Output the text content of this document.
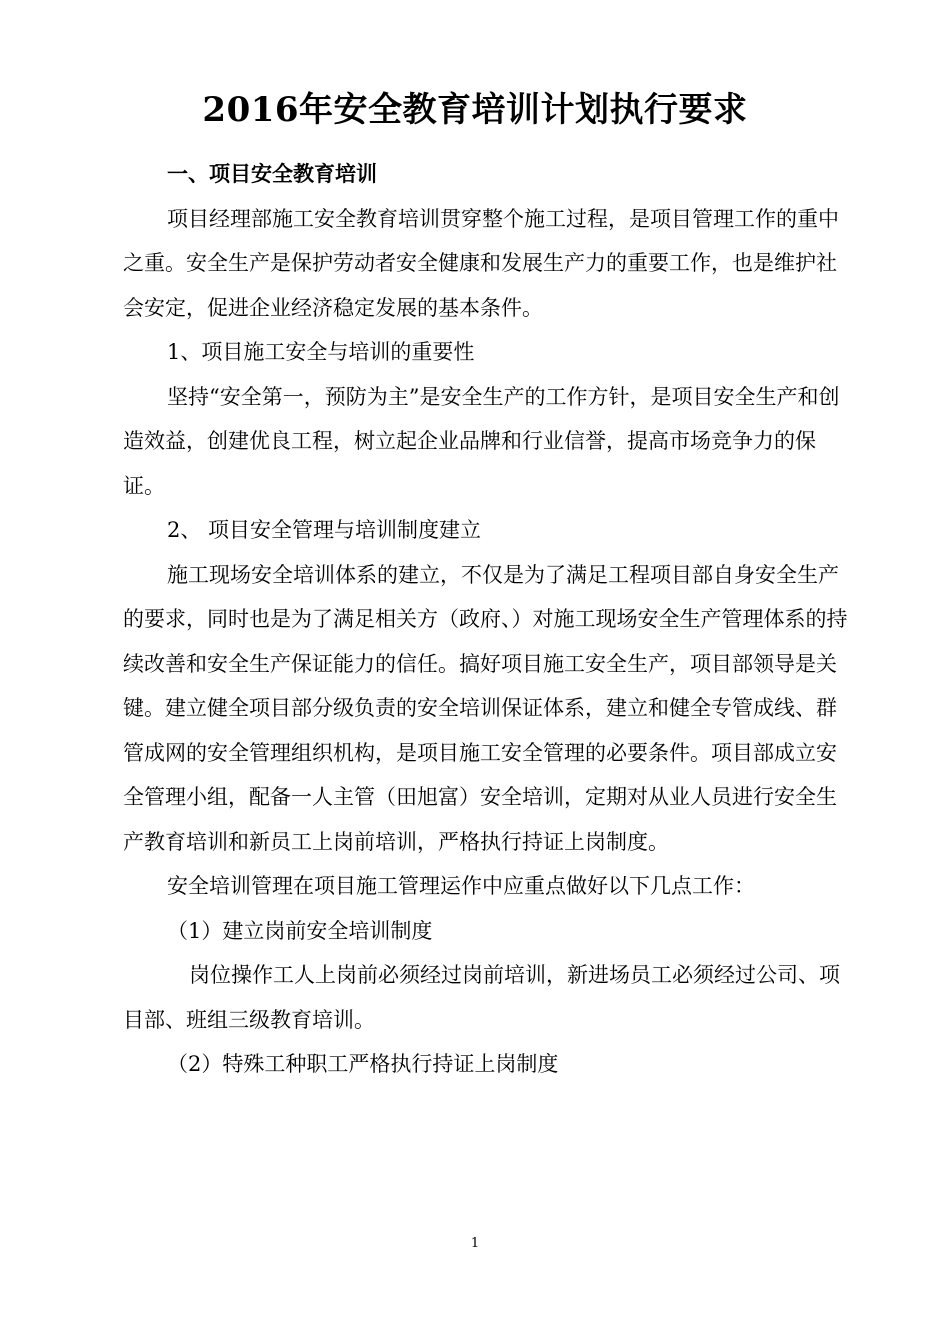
2016年安全教育培训计划执行要求

一、项目安全教育培训

项目经理部施工安全教育培训贯穿整个施工过程，是项目管理工作的重中之重。安全生产是保护劳动者安全健康和发展生产力的重要工作，也是维护社会安定，促进企业经济稳定发展的基本条件。

1、项目施工安全与培训的重要性

坚持“安全第一，预防为主”是安全生产的工作方针，是项目安全生产和创造效益，创建优良工程，树立起企业品牌和行业信誉，提高市场竞争力的保证。

2、 项目安全管理与培训制度建立

施工现场安全培训体系的建立，不仅是为了满足工程项目部自身安全生产的要求，同时也是为了满足相关方（政府、）对施工现场安全生产管理体系的持续改善和安全生产保证能力的信任。搞好项目施工安全生产，项目部领导是关键。建立健全项目部分级负责的安全培训保证体系，建立和健全专管成线、群管成网的安全管理组织机构，是项目施工安全管理的必要条件。项目部成立安全管理小组，配备一人主管（田旭富）安全培训，定期对从业人员进行安全生产教育培训和新员工上岗前培训，严格执行持证上岗制度。

安全培训管理在项目施工管理运作中应重点做好以下几点工作：

（1）建立岗前安全培训制度

岗位操作工人上岗前必须经过岗前培训，新进场员工必须经过公司、项目部、班组三级教育培训。

（2）特殊工种职工严格执行持证上岗制度

1
